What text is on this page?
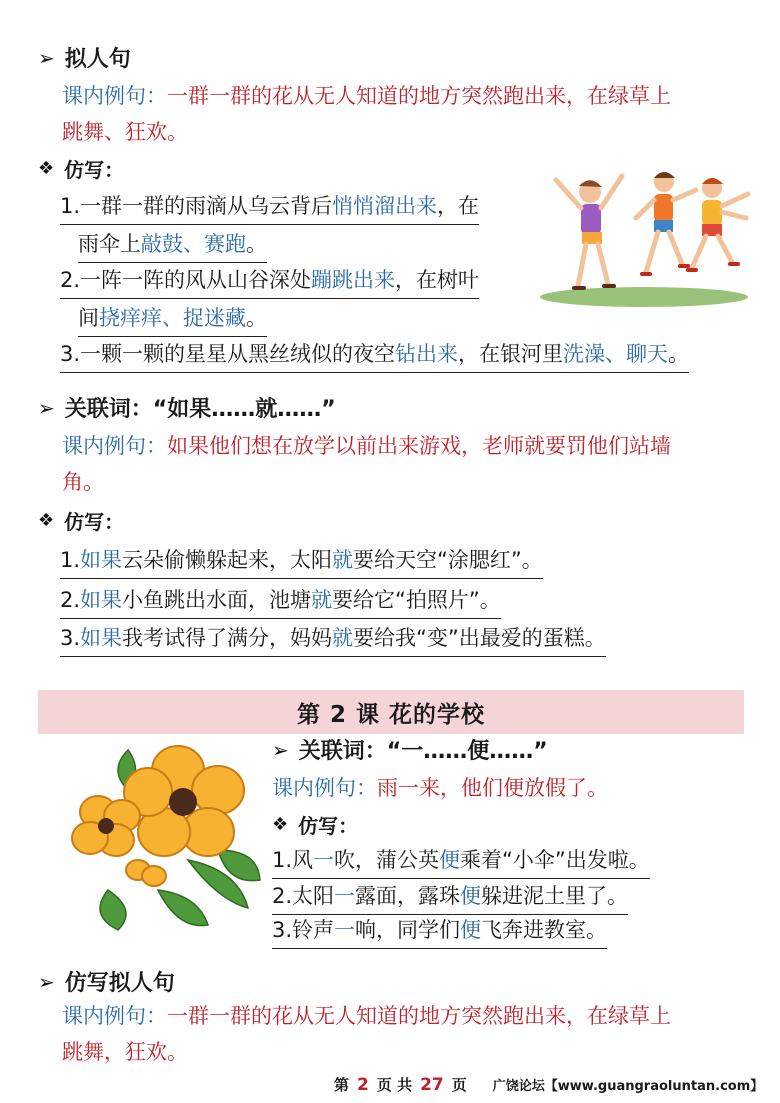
➢ 拟人句
课内例句：一群一群的花从无人知道的地方突然跑出来，在绿草上
跳舞、狂欢。
❖ 仿写：
1.一群一群的雨滴从乌云背后悄悄溜出来，在
雨伞上敲鼓、赛跑。
2.一阵一阵的风从山谷深处蹦跳出来，在树叶
间挠痒痒、捉迷藏。
3.一颗一颗的星星从黑丝绒似的夜空钻出来，在银河里洗澡、聊天。
➢ 关联词：“如果……就……”
课内例句：如果他们想在放学以前出来游戏，老师就要罚他们站墙
角。
❖ 仿写：
1.如果云朵偷懒躲起来，太阳就要给天空“涂腮红”。
2.如果小鱼跳出水面，池塘就要给它“拍照片”。
3.如果我考试得了满分，妈妈就要给我“变”出最爱的蛋糕。
第 2 课 花的学校
➢ 关联词：“一……便……”
课内例句：雨一来，他们便放假了。
❖ 仿写：
1.风一吹，蒲公英便乘着“小伞”出发啦。
2.太阳一露面，露珠便躲进泥土里了。
3.铃声一响，同学们便飞奔进教室。
➢ 仿写拟人句
课内例句：一群一群的花从无人知道的地方突然跑出来，在绿草上
跳舞，狂欢。
第 2 页 共 27 页 广饶论坛【www.guangraoluntan.com】
